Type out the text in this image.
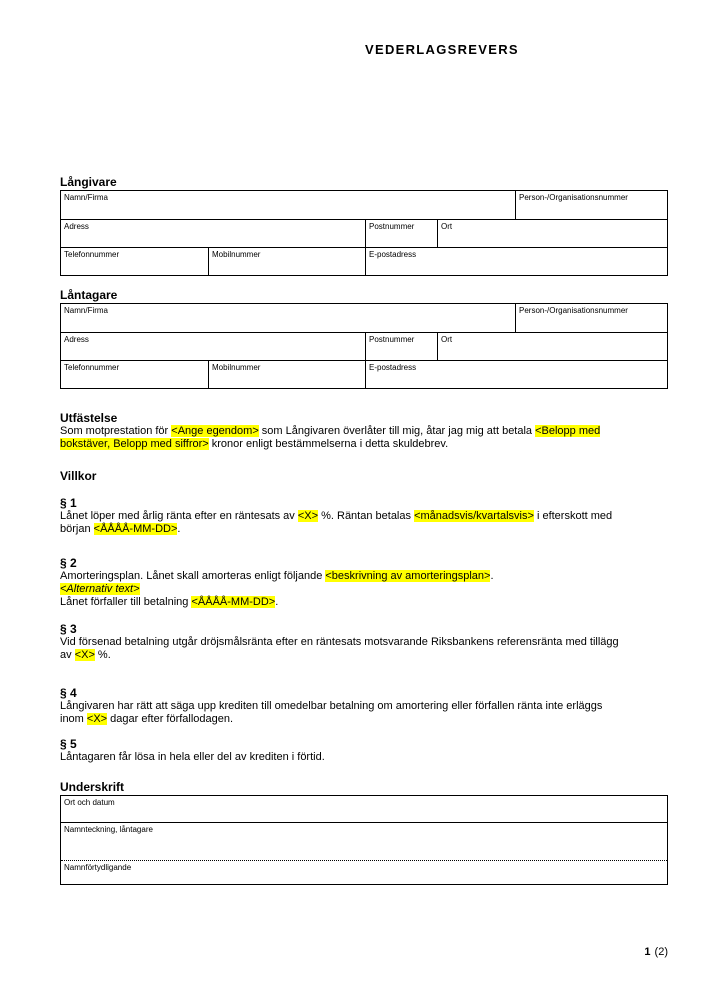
VEDERLAGSREVERS
Långivare
Namn/Firma	Person-/Organisationsnummer
Adress	Postnummer	Ort
Telefonnummer	Mobilnummer	E-postadress
Låntagare
Namn/Firma	Person-/Organisationsnummer
Adress	Postnummer	Ort
Telefonnummer	Mobilnummer	E-postadress
Utfästelse
Som motprestation för <Ange egendom> som Långivaren överlåter till mig, åtar jag mig att betala <Belopp med
bokstäver, Belopp med siffror> kronor enligt bestämmelserna i detta skuldebrev.
Villkor
§ 1
Lånet löper med årlig ränta efter en räntesats av <X> %. Räntan betalas <månadsvis/kvartalsvis> i efterskott med
början <ÅÅÅÅ-MM-DD>.
§ 2
Amorteringsplan. Lånet skall amorteras enligt följande <beskrivning av amorteringsplan>.
<Alternativ text>
Lånet förfaller till betalning <ÅÅÅÅ-MM-DD>.
§ 3
Vid försenad betalning utgår dröjsmålsränta efter en räntesats motsvarande Riksbankens referensränta med tillägg
av <X> %.
§ 4
Långivaren har rätt att säga upp krediten till omedelbar betalning om amortering eller förfallen ränta inte erläggs
inom <X> dagar efter förfallodagen.
§ 5
Låntagaren får lösa in hela eller del av krediten i förtid.
Underskrift
Ort och datum
Namnteckning, låntagare
Namnförtydligande
1 (2)
